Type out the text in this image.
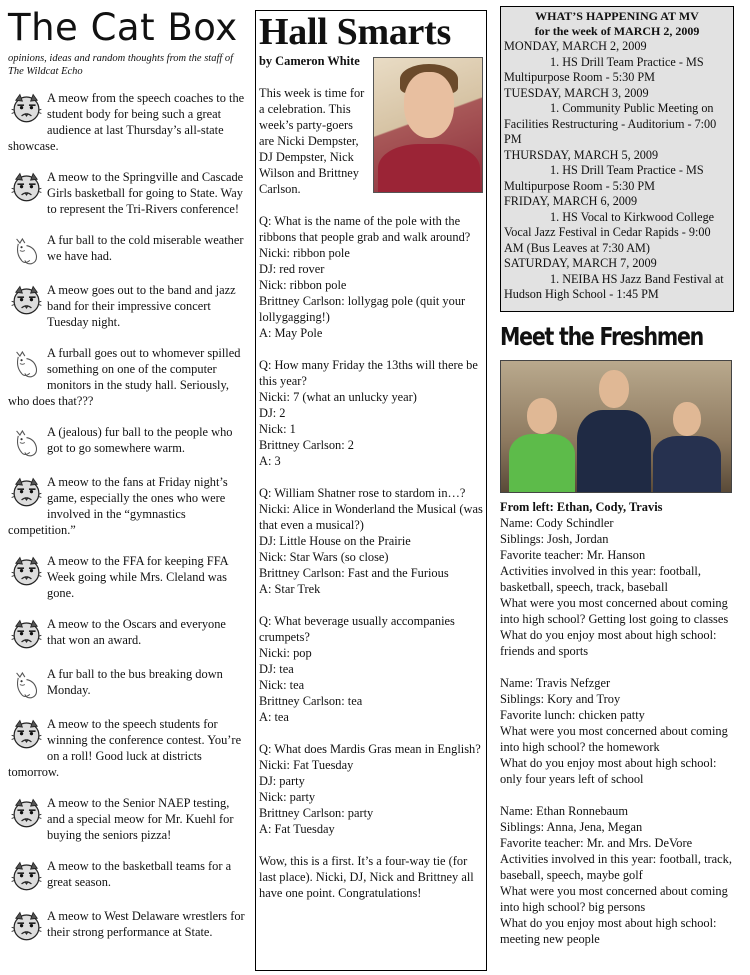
The Cat Box
opinions, ideas and random thoughts from the staff of The Wildcat Echo
A meow from the speech coaches to the student body for being such a great audience at last Thursday’s all-state showcase.
A meow to the Springville and Cascade Girls basketball for going to State. Way to represent the Tri-Rivers conference!
A fur ball to the cold miserable weather we have had.
A meow goes out to the band and jazz band for their impressive concert Tuesday night.
A furball goes out to whomever spilled something on one of the computer monitors in the study hall. Seriously, who does that???
A (jealous) fur ball to the people who got to go somewhere warm.
A meow to the fans at Friday night’s game, especially the ones who were involved in the “gymnastics competition.”
A meow to the FFA for keeping FFA Week going while Mrs. Cleland was gone.
A meow to the Oscars and everyone that won an award.
A fur ball to the bus breaking down Monday.
A meow to the speech students for winning the conference contest. You’re on a roll! Good luck at districts tomorrow.
A meow to the Senior NAEP testing, and a special meow for Mr. Kuehl for buying the seniors pizza!
A meow to the basketball teams for a great season.
A meow to West Delaware wrestlers for their strong performance at State.
Hall Smarts
by Cameron White

This week is time for a celebration. This week’s party-goers are Nicki Dempster, DJ Dempster, Nick Wilson and Brittney Carlson.

Q: What is the name of the pole with the ribbons that people grab and walk around?

Nicki: ribbon pole

DJ: red rover

Nick: ribbon pole

Brittney Carlson: lollygag pole (quit your lollygagging!)

A: May Pole

Q: How many Friday the 13ths will there be this year?

Nicki: 7 (what an unlucky year)

DJ: 2

Nick: 1

Brittney Carlson: 2

A: 3

Q: William Shatner rose to stardom in…?

Nicki: Alice in Wonderland the Musical (was that even a musical?)

DJ: Little House on the Prairie

Nick: Star Wars (so close)

Brittney Carlson: Fast and the Furious

A: Star Trek

Q: What beverage usually accompanies crumpets?

Nicki: pop

DJ: tea

Nick: tea

Brittney Carlson: tea

A: tea

Q: What does Mardis Gras mean in English?

Nicki: Fat Tuesday

DJ: party

Nick: party

Brittney Carlson: party

A: Fat Tuesday

Wow, this is a first. It’s a four-way tie (for last place). Nicki, DJ, Nick and Brittney all have one point. Congratulations!

WHAT’S HAPPENING AT MV
for the week of MARCH 2, 2009
MONDAY, MARCH 2, 2009
1. HS Drill Team Practice - MS Multipurpose Room - 5:30 PM
TUESDAY, MARCH 3, 2009
1. Community Public Meeting on Facilities Restructuring - Auditorium - 7:00 PM
THURSDAY, MARCH 5, 2009
1. HS Drill Team Practice - MS Multipurpose Room - 5:30 PM
FRIDAY, MARCH 6, 2009
1. HS Vocal to Kirkwood College Vocal Jazz Festival in Cedar Rapids - 9:00 AM (Bus Leaves at 7:30 AM)
SATURDAY, MARCH 7, 2009
1. NEIBA HS Jazz Band Festival at Hudson High School - 1:45 PM
Meet the Freshmen
From left: Ethan, Cody, Travis
Name: Cody Schindler
Siblings: Josh, Jordan
Favorite teacher: Mr. Hanson
Activities involved in this year: football, basketball, speech, track, baseball
What were you most concerned about coming into high school? Getting lost going to classes
What do you enjoy most about high school: friends and sports
Name: Travis Nefzger
Siblings: Kory and Troy
Favorite lunch: chicken patty
What were you most concerned about coming into high school? the homework
What do you enjoy most about high school: only four years left of school
Name: Ethan Ronnebaum
Siblings: Anna, Jena, Megan
Favorite teacher: Mr. and Mrs. DeVore
Activities involved in this year: football, track, baseball, speech, maybe golf
What were you most concerned about coming into high school? big persons
What do you enjoy most about high school: meeting new people
